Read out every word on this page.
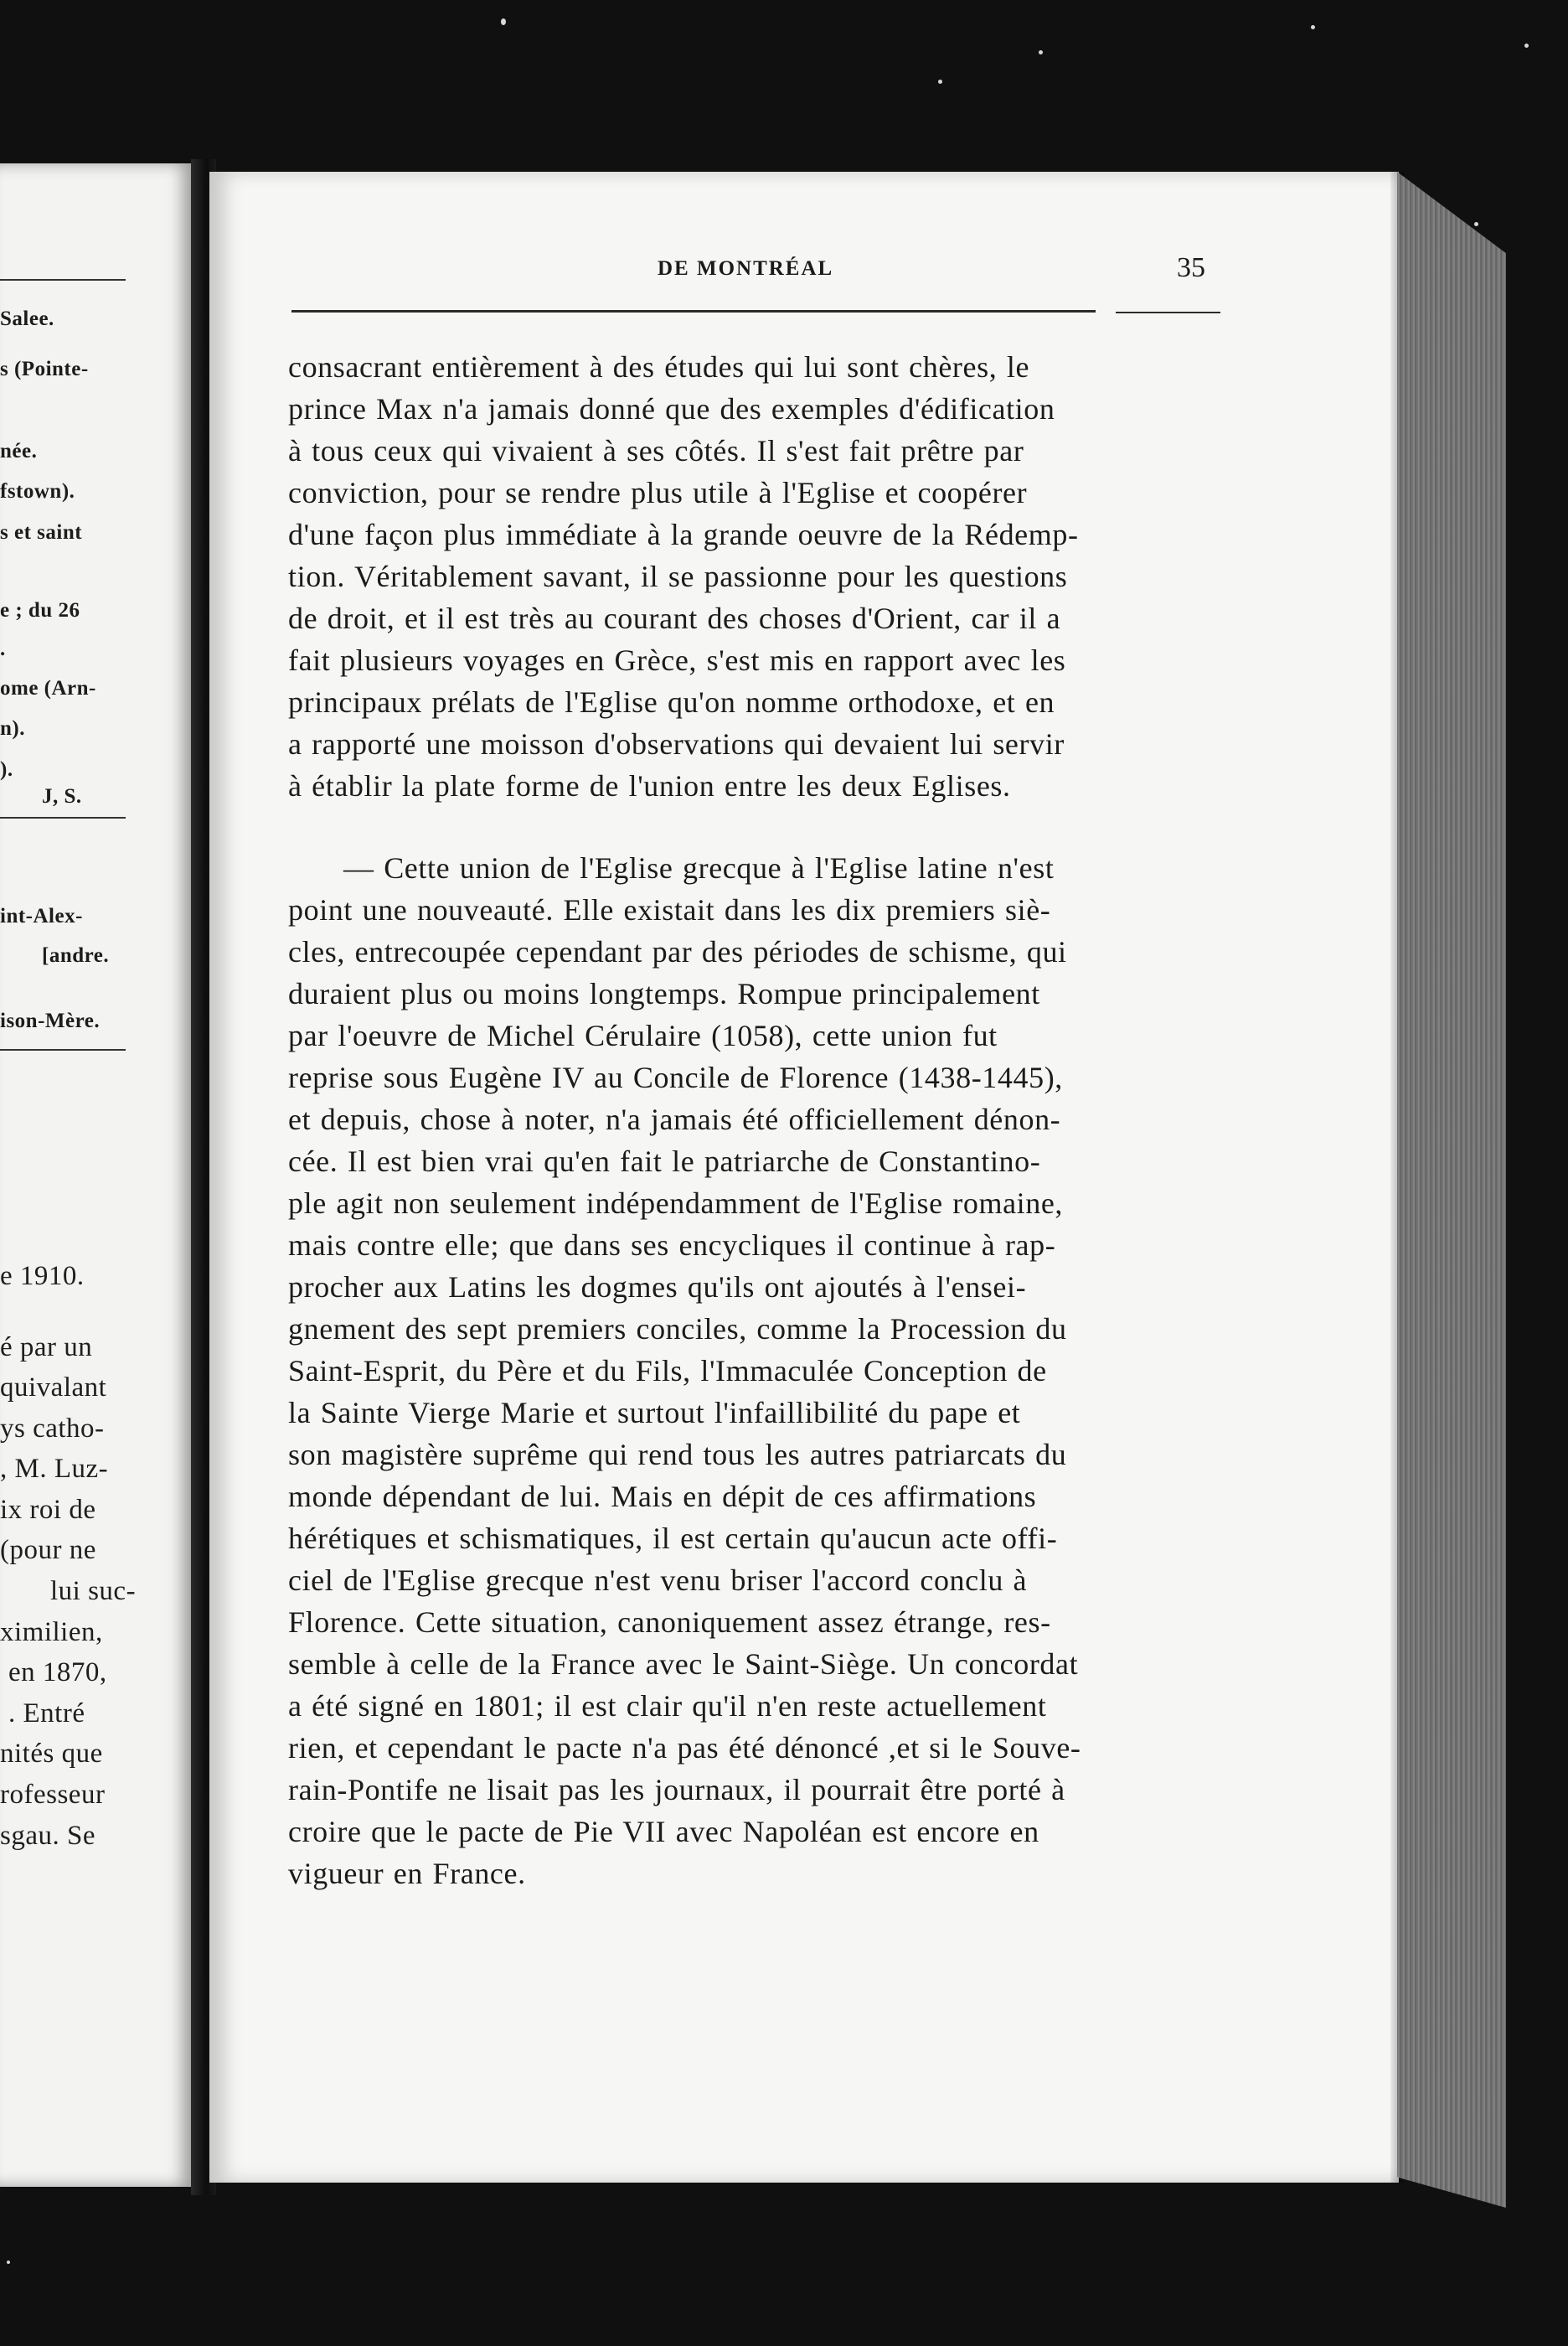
Salee.
s (Pointe-
née.
fstown).
s et saint
e ; du 26
.
ome (Arn-
n).
).
J, S.
int-Alex-
[andre.
ison-Mère.
e 1910.
é par un
quivalant
ys catho-
, M. Luz-
ix roi de
(pour ne
lui suc-
ximilien,
en 1870,
. Entré
nités que
rofesseur
sgau. Se
DE MONTRÉAL	35
consacrant entièrement à des études qui lui sont chères, le
prince Max n'a jamais donné que des exemples d'édification
à tous ceux qui vivaient à ses côtés. Il s'est fait prêtre par
conviction, pour se rendre plus utile à l'Eglise et coopérer
d'une façon plus immédiate à la grande oeuvre de la Rédemp-
tion. Véritablement savant, il se passionne pour les questions
de droit, et il est très au courant des choses d'Orient, car il a
fait plusieurs voyages en Grèce, s'est mis en rapport avec les
principaux prélats de l'Eglise qu'on nomme orthodoxe, et en
a rapporté une moisson d'observations qui devaient lui servir
à établir la plate forme de l'union entre les deux Eglises.
— Cette union de l'Eglise grecque à l'Eglise latine n'est
point une nouveauté. Elle existait dans les dix premiers siè-
cles, entrecoupée cependant par des périodes de schisme, qui
duraient plus ou moins longtemps. Rompue principalement
par l'oeuvre de Michel Cérulaire (1058), cette union fut
reprise sous Eugène IV au Concile de Florence (1438-1445),
et depuis, chose à noter, n'a jamais été officiellement dénon-
cée. Il est bien vrai qu'en fait le patriarche de Constantino-
ple agit non seulement indépendamment de l'Eglise romaine,
mais contre elle; que dans ses encycliques il continue à rap-
procher aux Latins les dogmes qu'ils ont ajoutés à l'ensei-
gnement des sept premiers conciles, comme la Procession du
Saint-Esprit, du Père et du Fils, l'Immaculée Conception de
la Sainte Vierge Marie et surtout l'infaillibilité du pape et
son magistère suprême qui rend tous les autres patriarcats du
monde dépendant de lui. Mais en dépit de ces affirmations
hérétiques et schismatiques, il est certain qu'aucun acte offi-
ciel de l'Eglise grecque n'est venu briser l'accord conclu à
Florence. Cette situation, canoniquement assez étrange, res-
semble à celle de la France avec le Saint-Siège. Un concordat
a été signé en 1801; il est clair qu'il n'en reste actuellement
rien, et cependant le pacte n'a pas été dénoncé ,et si le Souve-
rain-Pontife ne lisait pas les journaux, il pourrait être porté à
croire que le pacte de Pie VII avec Napoléan est encore en
vigueur en France.
